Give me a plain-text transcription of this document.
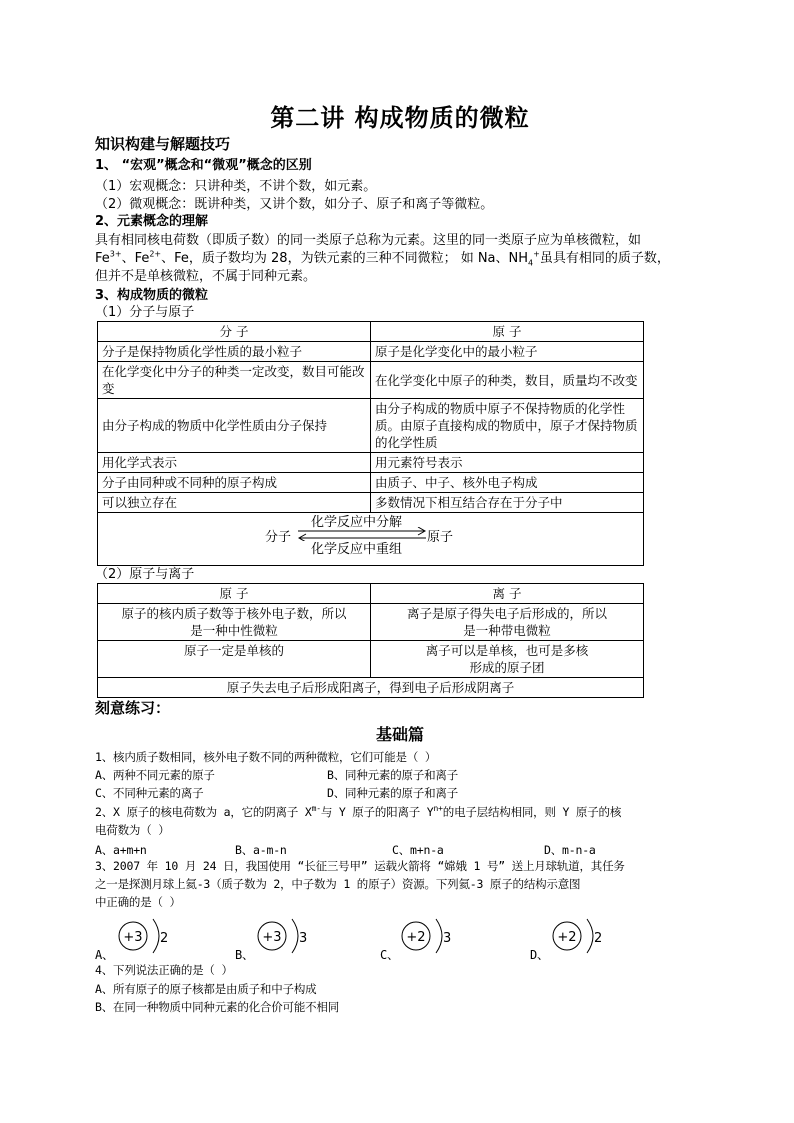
第二讲 构成物质的微粒
知识构建与解题技巧
1、 “宏观”概念和“微观”概念的区别
（1）宏观概念：只讲种类，不讲个数，如元素。
（2）微观概念：既讲种类，又讲个数，如分子、原子和离子等微粒。
2、元素概念的理解
具有相同核电荷数（即质子数）的同一类原子总称为元素。这里的同一类原子应为单核微粒，如
$Fe^{3+}$、$Fe^{2+}$、Fe，质子数均为 28，为铁元素的三种不同微粒； 如 Na、$NH_4^+$虽具有相同的质子数，
但并不是单核微粒，不属于同种元素。
3、构成物质的微粒
（1）分子与原子
分 子	原 子
分子是保持物质化学性质的最小粒子	原子是化学变化中的最小粒子
在化学变化中分子的种类一定改变，数目可能改变	在化学变化中原子的种类，数目，质量均不改变
由分子构成的物质中化学性质由分子保持	由分子构成的物质中原子不保持物质的化学性质。由原子直接构成的物质中，原子才保持物质的化学性质
用化学式表示	用元素符号表示
分子由同种或不同种的原子构成	由质子、中子、核外电子构成
可以独立存在	多数情况下相互结合存在于分子中

分子
化学反应中分解
化学反应中重组
原子	
（2）原子与离子
原 子	离 子
原子的核内质子数等于核外电子数，所以是一种中性微粒	离子是原子得失电子后形成的，所以是一种带电微粒
原子一定是单核的	离子可以是单核，也可是多核形成的原子团
原子失去电子后形成阳离子，得到电子后形成阴离子	
刻意练习：
基础篇
1、核内质子数相同，核外电子数不同的两种微粒，它们可能是（ ）
A、两种不同元素的原子	B、同种元素的原子和离子
C、不同种元素的离子	D、同种元素的原子和离子
2、X 原子的核电荷数为 a，它的阴离子 $X^{m-}$与 Y 原子的阳离子 $Y^{n+}$的电子层结构相同，则 Y 原子的核
电荷数为（ ）
A、a+m+n	B、a-m-n	C、m+n-a	D、m-n-a
3、2007 年 10 月 24 日，我国使用 “长征三号甲” 运载火箭将 “嫦娥 1 号” 送上月球轨道，其任务
之一是探测月球上氦-3（质子数为 2，中子数为 1 的原子）资源。下列氦-3 原子的结构示意图
中正确的是（ ）
A、
+3 2
B、
+3 3
C、
+2 3
D、
+2 2
4、下列说法正确的是（ ）
A、所有原子的原子核都是由质子和中子构成
B、在同一种物质中同种元素的化合价可能不相同
